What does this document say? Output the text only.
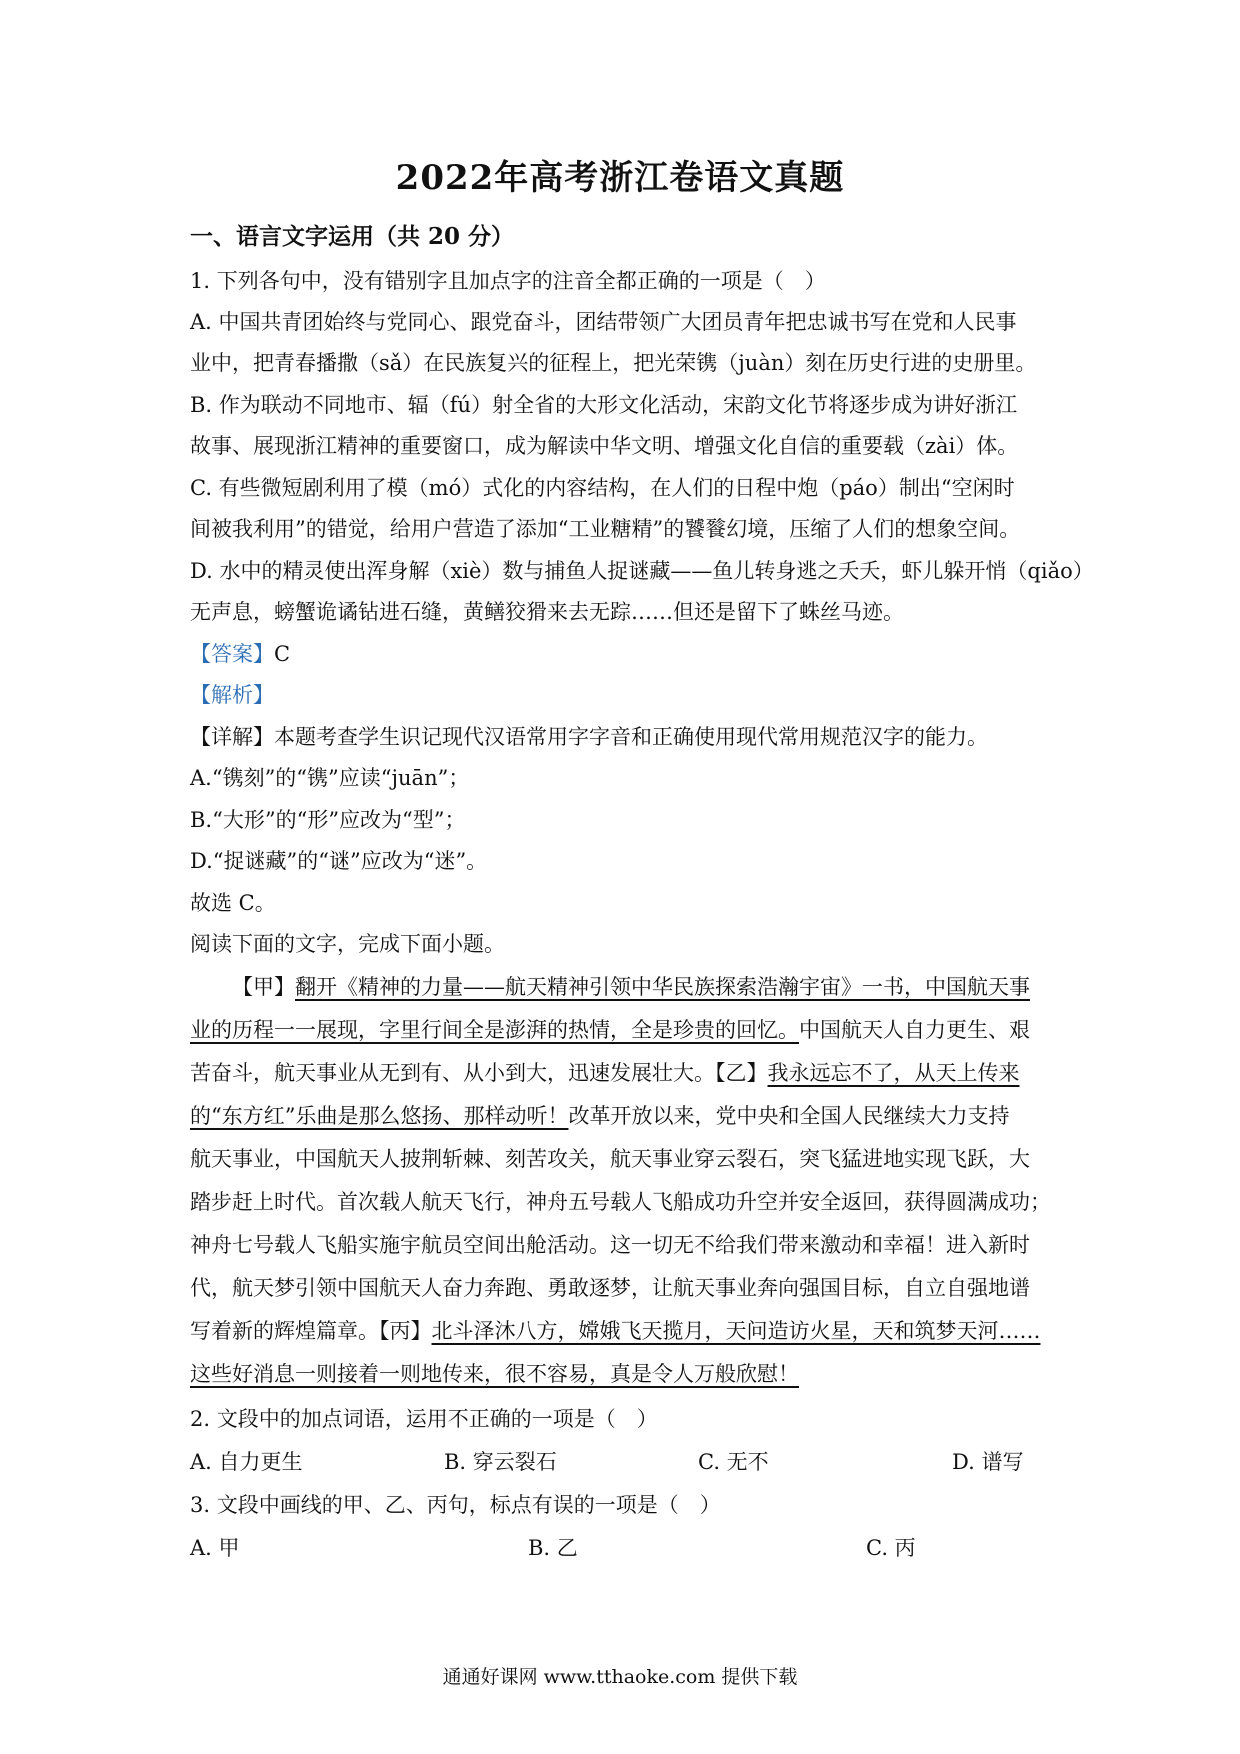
2022年高考浙江卷语文真题
一、语言文字运用（共 20 分）
1. 下列各句中，没有错别字且加点字的注音全都正确的一项是（　）
A. 中国共青团始终与党同心、跟党奋斗，团结带领广大团员青年把忠诚书写在党和人民事
业中，把青春播撒（sǎ）在民族复兴的征程上，把光荣镌（juàn）刻在历史行进的史册里。
B. 作为联动不同地市、辐（fú）射全省的大形文化活动，宋韵文化节将逐步成为讲好浙江
故事、展现浙江精神的重要窗口，成为解读中华文明、增强文化自信的重要载（zài）体。
C. 有些微短剧利用了模（mó）式化的内容结构，在人们的日程中炮（páo）制出“空闲时
间被我利用”的错觉，给用户营造了添加“工业糖精”的饕餮幻境，压缩了人们的想象空间。
D. 水中的精灵使出浑身解（xiè）数与捕鱼人捉谜藏——鱼儿转身逃之夭夭，虾儿躲开悄（qiǎo）
无声息，螃蟹诡谲钻进石缝，黄鳝狡猾来去无踪……但还是留下了蛛丝马迹。
【答案】C
【解析】
【详解】本题考查学生识记现代汉语常用字字音和正确使用现代常用规范汉字的能力。
A.“镌刻”的“镌”应读“juān”；
B.“大形”的“形”应改为“型”；
D.“捉谜藏”的“谜”应改为“迷”。
故选 C。
阅读下面的文字，完成下面小题。
【甲】翻开《精神的力量——航天精神引领中华民族探索浩瀚宇宙》一书，中国航天事
业的历程一一展现，字里行间全是澎湃的热情，全是珍贵的回忆。中国航天人自力更生、艰
苦奋斗，航天事业从无到有、从小到大，迅速发展壮大。【乙】我永远忘不了，从天上传来
的“东方红”乐曲是那么悠扬、那样动听！改革开放以来，党中央和全国人民继续大力支持
航天事业，中国航天人披荆斩棘、刻苦攻关，航天事业穿云裂石，突飞猛进地实现飞跃，大
踏步赶上时代。首次载人航天飞行，神舟五号载人飞船成功升空并安全返回，获得圆满成功；
神舟七号载人飞船实施宇航员空间出舱活动。这一切无不给我们带来激动和幸福！进入新时
代，航天梦引领中国航天人奋力奔跑、勇敢逐梦，让航天事业奔向强国目标，自立自强地谱
写着新的辉煌篇章。【丙】北斗泽沐八方，嫦娥飞天揽月，天问造访火星，天和筑梦天河……
这些好消息一则接着一则地传来，很不容易，真是令人万般欣慰！
2. 文段中的加点词语，运用不正确的一项是（　）
A. 自力更生	B. 穿云裂石	C. 无不	D. 谱写
3. 文段中画线的甲、乙、丙句，标点有误的一项是（　）
A. 甲	B. 乙	C. 丙
通通好课网 www.tthaoke.com 提供下载
